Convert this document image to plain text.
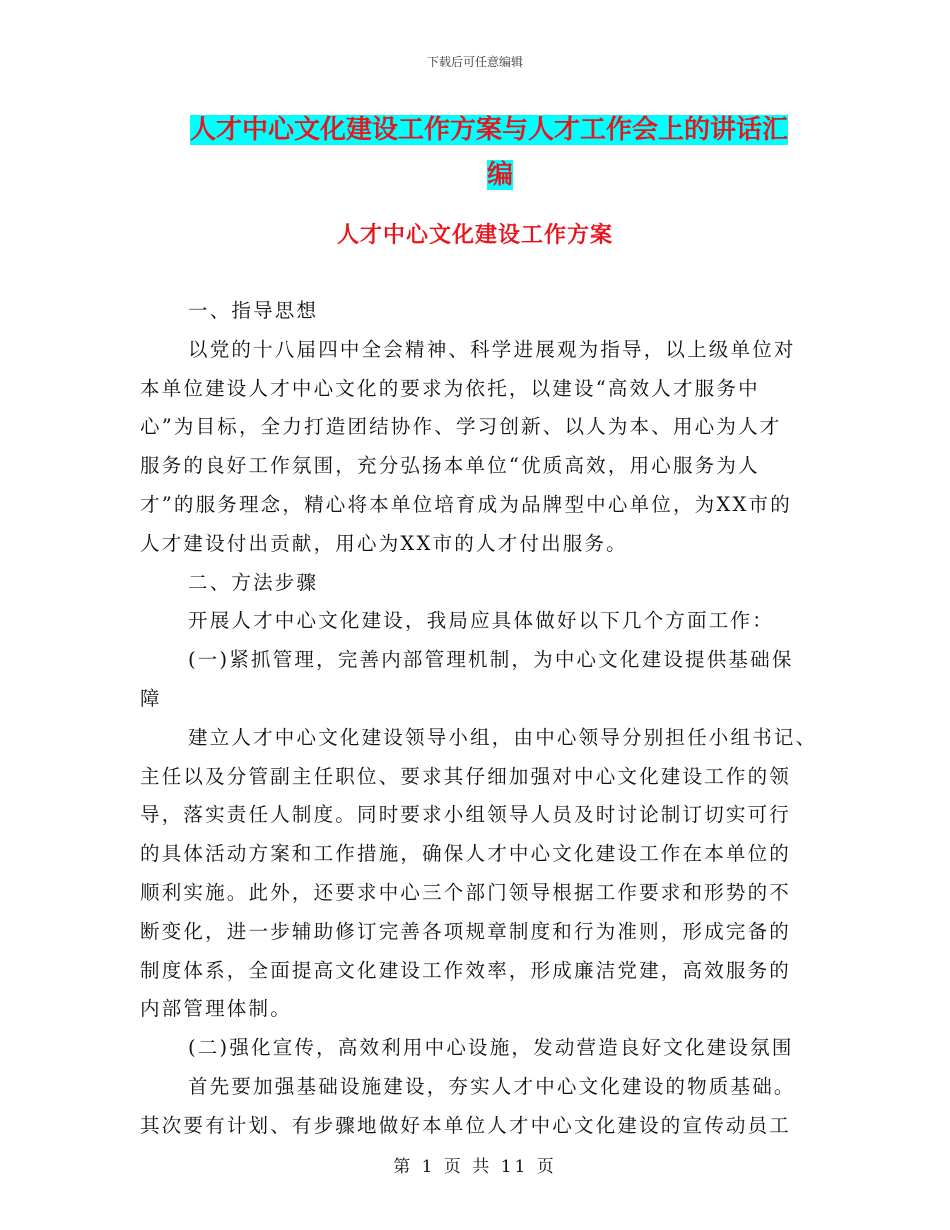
下载后可任意编辑
人才中心文化建设工作方案与人才工作会上的讲话汇
编
人才中心文化建设工作方案
一、指导思想
以党的十八届四中全会精神、科学进展观为指导，以上级单位对
本单位建设人才中心文化的要求为依托，以建设“高效人才服务中
心”为目标，全力打造团结协作、学习创新、以人为本、用心为人才
服务的良好工作氛围，充分弘扬本单位“优质高效，用心服务为人
才”的服务理念，精心将本单位培育成为品牌型中心单位，为XX市的
人才建设付出贡献，用心为XX市的人才付出服务。
二、方法步骤
开展人才中心文化建设，我局应具体做好以下几个方面工作：
(一)紧抓管理，完善内部管理机制，为中心文化建设提供基础保
障
建立人才中心文化建设领导小组，由中心领导分别担任小组书记、
主任以及分管副主任职位、要求其仔细加强对中心文化建设工作的领
导，落实责任人制度。同时要求小组领导人员及时讨论制订切实可行
的具体活动方案和工作措施，确保人才中心文化建设工作在本单位的
顺利实施。此外，还要求中心三个部门领导根据工作要求和形势的不
断变化，进一步辅助修订完善各项规章制度和行为准则，形成完备的
制度体系，全面提高文化建设工作效率，形成廉洁党建，高效服务的
内部管理体制。
(二)强化宣传，高效利用中心设施，发动营造良好文化建设氛围
首先要加强基础设施建设，夯实人才中心文化建设的物质基础。
其次要有计划、有步骤地做好本单位人才中心文化建设的宣传动员工
第 1 页 共 11 页
